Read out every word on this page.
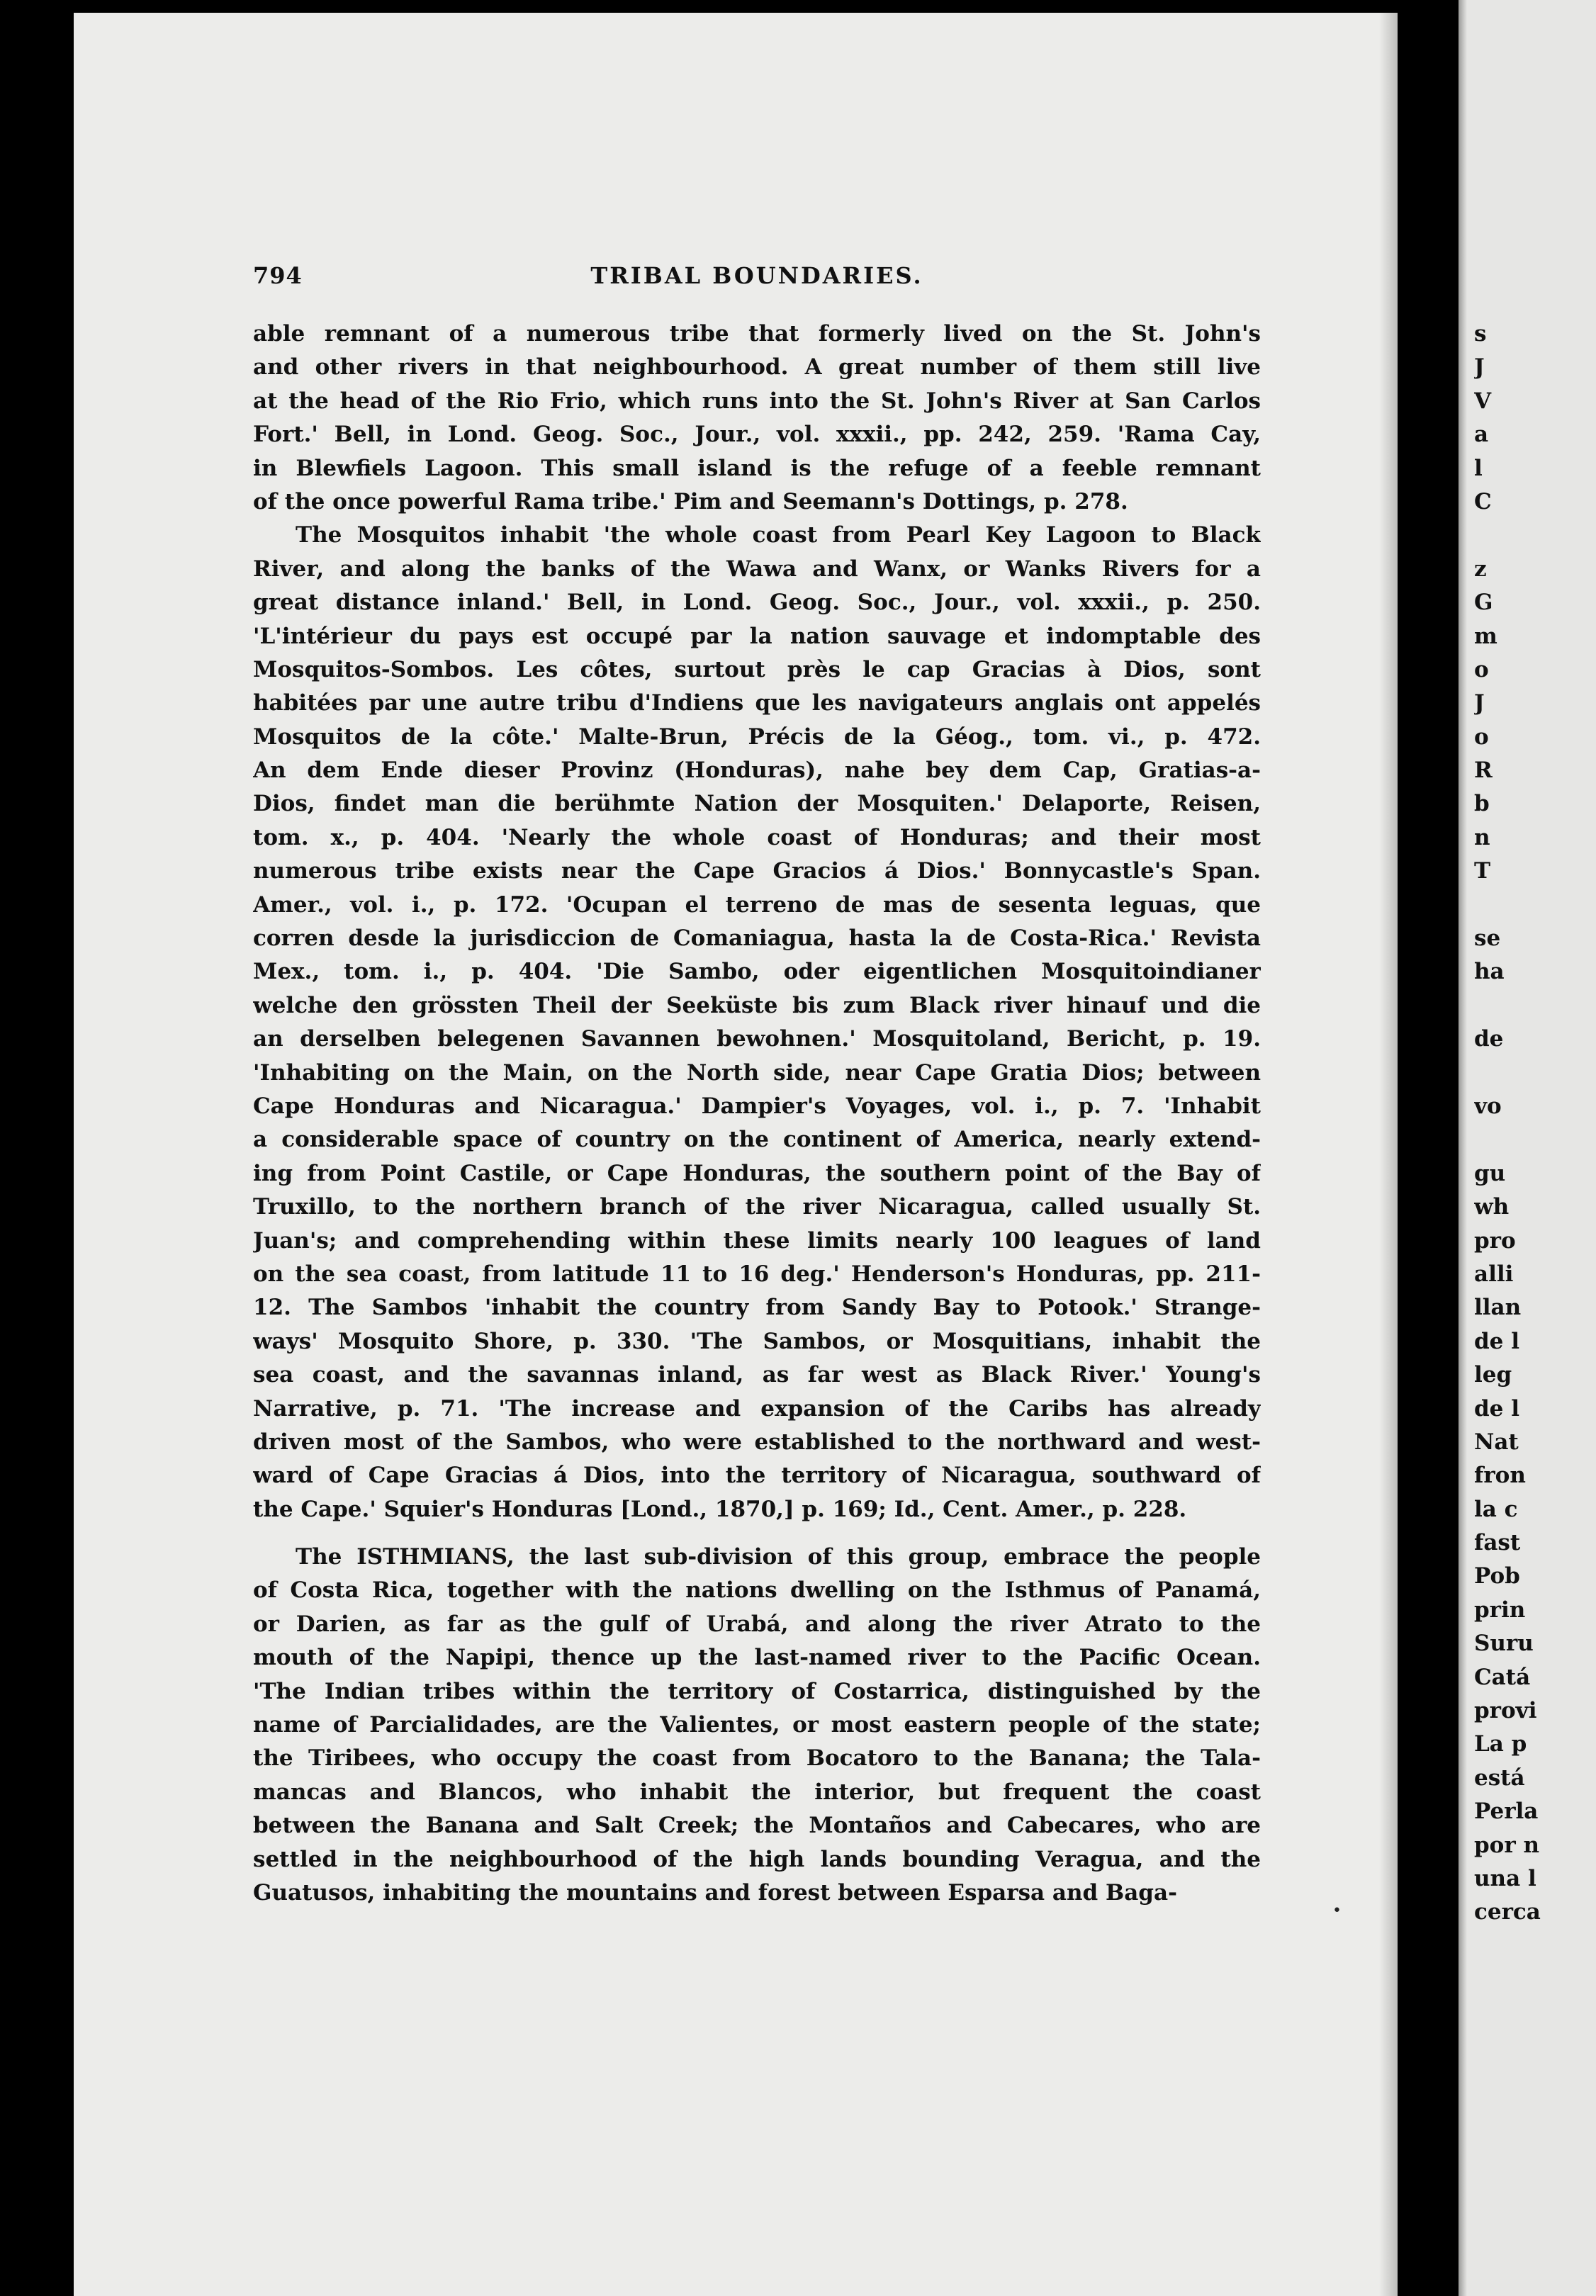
794	TRIBAL BOUNDARIES.
able remnant of a numerous tribe that formerly lived on the St. John's
and other rivers in that neighbourhood. A great number of them still live
at the head of the Rio Frio, which runs into the St. John's River at San Carlos
Fort.' Bell, in Lond. Geog. Soc., Jour., vol. xxxii., pp. 242, 259. 'Rama Cay,
in Blewfiels Lagoon. This small island is the refuge of a feeble remnant
of the once powerful Rama tribe.' Pim and Seemann's Dottings, p. 278.
The Mosquitos inhabit 'the whole coast from Pearl Key Lagoon to Black
River, and along the banks of the Wawa and Wanx, or Wanks Rivers for a
great distance inland.' Bell, in Lond. Geog. Soc., Jour., vol. xxxii., p. 250.
'L'intérieur du pays est occupé par la nation sauvage et indomptable des
Mosquitos-Sombos. Les côtes, surtout près le cap Gracias à Dios, sont
habitées par une autre tribu d'Indiens que les navigateurs anglais ont appelés
Mosquitos de la côte.' Malte-Brun, Précis de la Géog., tom. vi., p. 472.
An dem Ende dieser Provinz (Honduras), nahe bey dem Cap, Gratias-a-
Dios, findet man die berühmte Nation der Mosquiten.' Delaporte, Reisen,
tom. x., p. 404. 'Nearly the whole coast of Honduras; and their most
numerous tribe exists near the Cape Gracios á Dios.' Bonnycastle's Span.
Amer., vol. i., p. 172. 'Ocupan el terreno de mas de sesenta leguas, que
corren desde la jurisdiccion de Comaniagua, hasta la de Costa-Rica.' Revista
Mex., tom. i., p. 404. 'Die Sambo, oder eigentlichen Mosquitoindianer
welche den grössten Theil der Seeküste bis zum Black river hinauf und die
an derselben belegenen Savannen bewohnen.' Mosquitoland, Bericht, p. 19.
'Inhabiting on the Main, on the North side, near Cape Gratia Dios; between
Cape Honduras and Nicaragua.' Dampier's Voyages, vol. i., p. 7. 'Inhabit
a considerable space of country on the continent of America, nearly extend-
ing from Point Castile, or Cape Honduras, the southern point of the Bay of
Truxillo, to the northern branch of the river Nicaragua, called usually St.
Juan's; and comprehending within these limits nearly 100 leagues of land
on the sea coast, from latitude 11 to 16 deg.' Henderson's Honduras, pp. 211-
12. The Sambos 'inhabit the country from Sandy Bay to Potook.' Strange-
ways' Mosquito Shore, p. 330. 'The Sambos, or Mosquitians, inhabit the
sea coast, and the savannas inland, as far west as Black River.' Young's
Narrative, p. 71. 'The increase and expansion of the Caribs has already
driven most of the Sambos, who were established to the northward and west-
ward of Cape Gracias á Dios, into the territory of Nicaragua, southward of
the Cape.' Squier's Honduras [Lond., 1870,] p. 169; Id., Cent. Amer., p. 228.
The ISTHMIANS, the last sub-division of this group, embrace the people
of Costa Rica, together with the nations dwelling on the Isthmus of Panamá,
or Darien, as far as the gulf of Urabá, and along the river Atrato to the
mouth of the Napipi, thence up the last-named river to the Pacific Ocean.
'The Indian tribes within the territory of Costarrica, distinguished by the
name of Parcialidades, are the Valientes, or most eastern people of the state;
the Tiribees, who occupy the coast from Bocatoro to the Banana; the Tala-
mancas and Blancos, who inhabit the interior, but frequent the coast
between the Banana and Salt Creek; the Montaños and Cabecares, who are
settled in the neighbourhood of the high lands bounding Veragua, and the
Guatusos, inhabiting the mountains and forest between Esparsa and Baga-
s
J
V
a
l
C
z
G
m
o
J
o
R
b
n
T
se
ha
de
vo
gu
wh
pro
alli
llan
de l
leg
de l
Nat
fron
la c
fast
Pob
prin
Suru
Catá
provi
La p
está
Perla
por n
una l
cerca
•
